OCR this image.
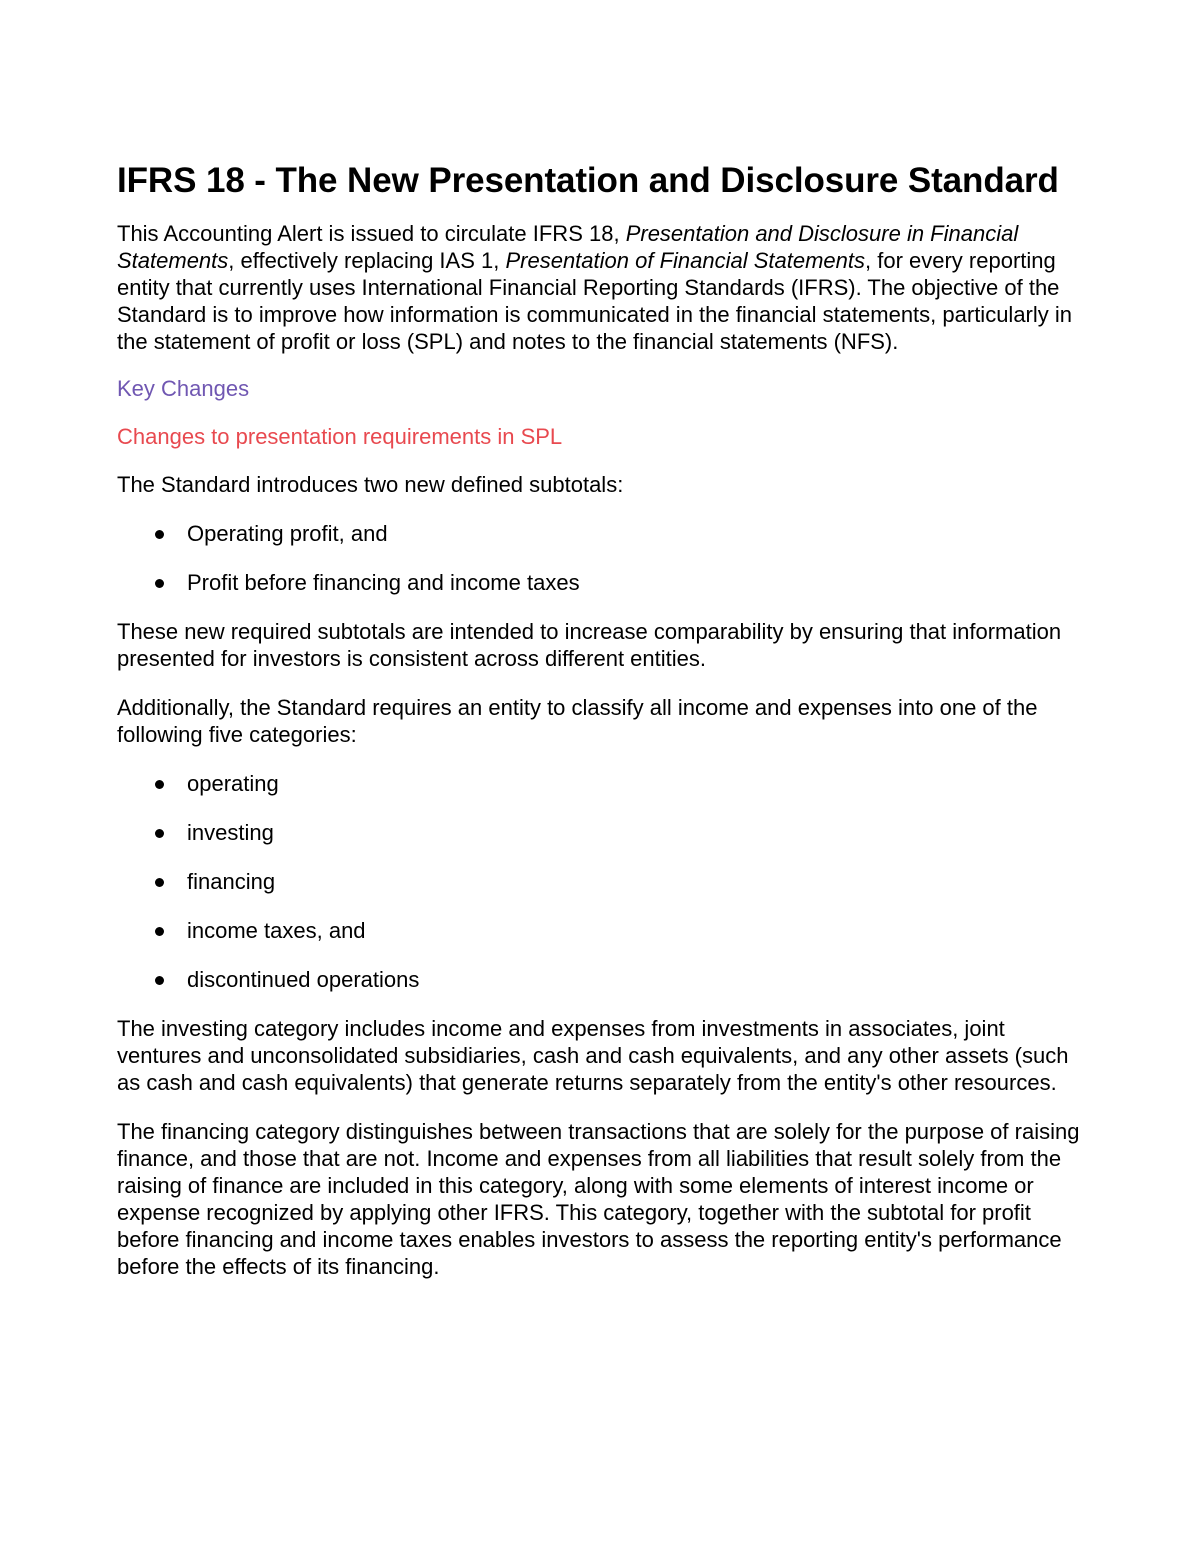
IFRS 18 - The New Presentation and Disclosure Standard

This Accounting Alert is issued to circulate IFRS 18, Presentation and Disclosure in Financial Statements, effectively replacing IAS 1, Presentation of Financial Statements, for every reporting entity that currently uses International Financial Reporting Standards (IFRS). The objective of the Standard is to improve how information is communicated in the financial statements, particularly in the statement of profit or loss (SPL) and notes to the financial statements (NFS).

Key Changes

Changes to presentation requirements in SPL

The Standard introduces two new defined subtotals:

Operating profit, and
Profit before financing and income taxes

These new required subtotals are intended to increase comparability by ensuring that information presented for investors is consistent across different entities.

Additionally, the Standard requires an entity to classify all income and expenses into one of the following five categories:

operating
investing
financing
income taxes, and
discontinued operations

The investing category includes income and expenses from investments in associates, joint ventures and unconsolidated subsidiaries, cash and cash equivalents, and any other assets (such as cash and cash equivalents) that generate returns separately from the entity's other resources.

The financing category distinguishes between transactions that are solely for the purpose of raising finance, and those that are not. Income and expenses from all liabilities that result solely from the raising of finance are included in this category, along with some elements of interest income or expense recognized by applying other IFRS. This category, together with the subtotal for profit before financing and income taxes enables investors to assess the reporting entity's performance before the effects of its financing.
